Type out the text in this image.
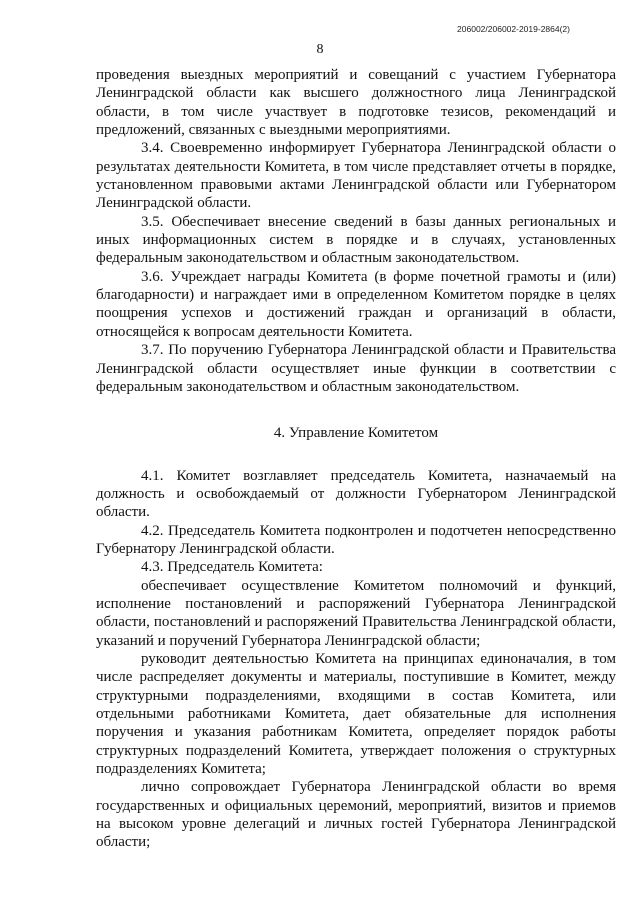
206002/206002-2019-2864(2)
8

проведения выездных мероприятий и совещаний с участием Губернатора Ленинградской области как высшего должностного лица Ленинградской области, в том числе участвует в подготовке тезисов, рекомендаций и предложений, связанных с выездными мероприятиями.

3.4. Своевременно информирует Губернатора Ленинградской области о результатах деятельности Комитета, в том числе представляет отчеты в порядке, установленном правовыми актами Ленинградской области или Губернатором Ленинградской области.

3.5. Обеспечивает внесение сведений в базы данных региональных и иных информационных систем в порядке и в случаях, установленных федеральным законодательством и областным законодательством.

3.6. Учреждает награды Комитета (в форме почетной грамоты и (или) благодарности) и награждает ими в определенном Комитетом порядке в целях поощрения успехов и достижений граждан и организаций в области, относящейся к вопросам деятельности Комитета.

3.7. По поручению Губернатора Ленинградской области и Правительства Ленинградской области осуществляет иные функции в соответствии с федеральным законодательством и областным законодательством.

4. Управление Комитетом

4.1. Комитет возглавляет председатель Комитета, назначаемый на должность и освобождаемый от должности Губернатором Ленинградской области.

4.2. Председатель Комитета подконтролен и подотчетен непосредственно Губернатору Ленинградской области.

4.3. Председатель Комитета:

обеспечивает осуществление Комитетом полномочий и функций, исполнение постановлений и распоряжений Губернатора Ленинградской области, постановлений и распоряжений Правительства Ленинградской области, указаний и поручений Губернатора Ленинградской области;

руководит деятельностью Комитета на принципах единоначалия, в том числе распределяет документы и материалы, поступившие в Комитет, между структурными подразделениями, входящими в состав Комитета, или отдельными работниками Комитета, дает обязательные для исполнения поручения и указания работникам Комитета, определяет порядок работы структурных подразделений Комитета, утверждает положения о структурных подразделениях Комитета;

лично сопровождает Губернатора Ленинградской области во время государственных и официальных церемоний, мероприятий, визитов и приемов на высоком уровне делегаций и личных гостей Губернатора Ленинградской области;
